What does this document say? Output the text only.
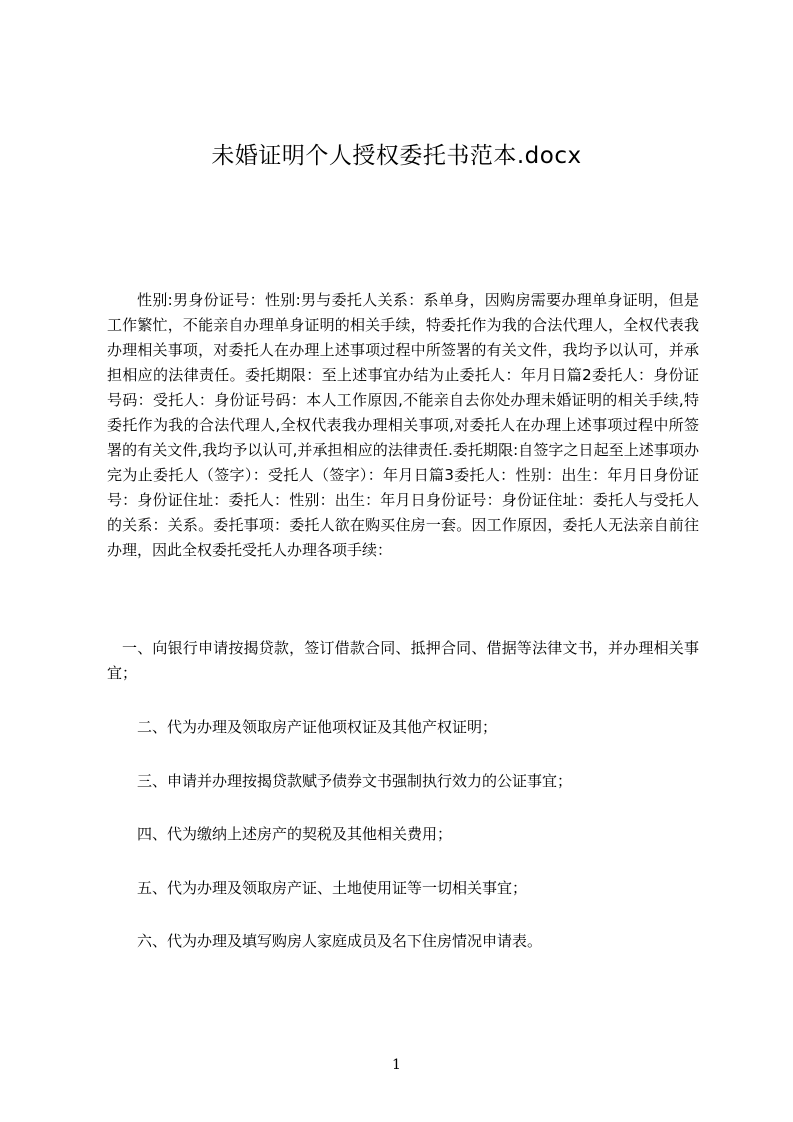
未婚证明个人授权委托书范本.docx

性别:男身份证号：性别:男与委托人关系：系单身，因购房需要办理单身证明，但是工作繁忙，不能亲自办理单身证明的相关手续，特委托作为我的合法代理人，全权代表我办理相关事项，对委托人在办理上述事项过程中所签署的有关文件，我均予以认可，并承担相应的法律责任。委托期限：至上述事宜办结为止委托人：年月日篇2委托人：身份证号码：受托人：身份证号码：本人工作原因,不能亲自去你处办理未婚证明的相关手续,特委托作为我的合法代理人,全权代表我办理相关事项,对委托人在办理上述事项过程中所签署的有关文件,我均予以认可,并承担相应的法律责任.委托期限:自签字之日起至上述事项办完为止委托人（签字）：受托人（签字）：年月日篇3委托人：性别：出生：年月日身份证号：身份证住址：委托人：性别：出生：年月日身份证号：身份证住址：委托人与受托人的关系：关系。委托事项：委托人欲在购买住房一套。因工作原因，委托人无法亲自前往办理，因此全权委托受托人办理各项手续：

一、向银行申请按揭贷款，签订借款合同、抵押合同、借据等法律文书，并办理相关事宜；

二、代为办理及领取房产证他项权证及其他产权证明；

三、申请并办理按揭贷款赋予债券文书强制执行效力的公证事宜；

四、代为缴纳上述房产的契税及其他相关费用；

五、代为办理及领取房产证、土地使用证等一切相关事宜；

六、代为办理及填写购房人家庭成员及名下住房情况申请表。

1
